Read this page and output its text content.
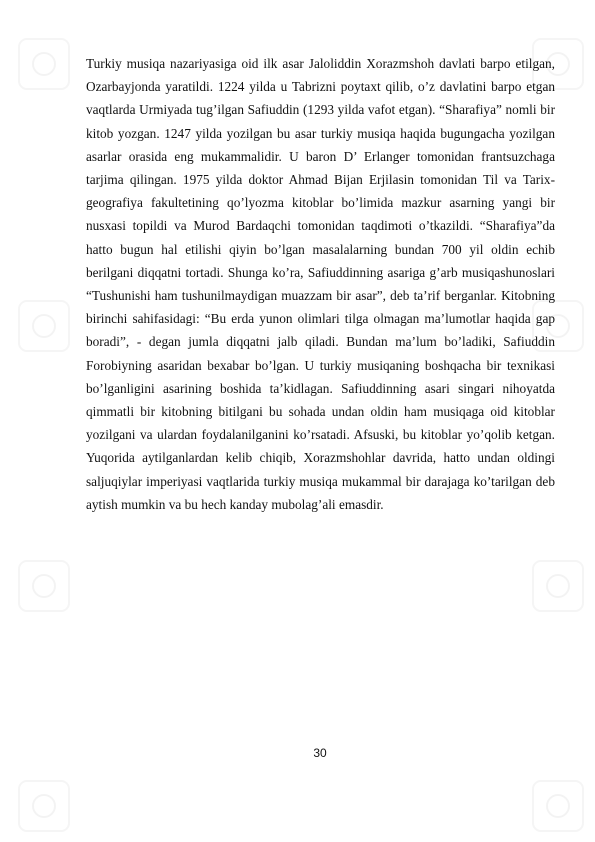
Turkiy musiqa nazariyasiga oid ilk asar Jaloliddin Xorazmshoh davlati barpo etilgan, Ozarbayjonda yaratildi. 1224 yilda u Tabrizni poytaxt qilib, o’z davlatini barpo etgan vaqtlarda Urmiyada tug’ilgan Safiuddin (1293 yilda vafot etgan). “Sharafiya” nomli bir kitob yozgan. 1247 yilda yozilgan bu asar turkiy musiqa haqida bugungacha yozilgan asarlar orasida eng mukammalidir. U baron D’ Erlanger tomonidan frantsuzchaga tarjima qilingan. 1975 yilda doktor Ahmad Bijan Erjilasin tomonidan Til va Tarix-geografiya fakultetining qo’lyozma kitoblar bo’limida mazkur asarning yangi bir nusxasi topildi va Murod Bardaqchi tomonidan taqdimoti o’tkazildi. “Sharafiya”da hatto bugun hal etilishi qiyin bo’lgan masalalarning bundan 700 yil oldin echib berilgani diqqatni tortadi. Shunga ko’ra, Safiuddinning asariga g’arb musiqashunoslari “Tushunishi ham tushunilmaydigan muazzam bir asar”, deb ta’rif berganlar. Kitobning birinchi sahifasidagi: “Bu erda yunon olimlari tilga olmagan ma’lumotlar haqida gap boradi”, - degan jumla diqqatni jalb qiladi. Bundan ma’lum bo’ladiki, Safiuddin Forobiyning asaridan bexabar bo’lgan. U turkiy musiqaning boshqacha bir texnikasi bo’lganligini asarining boshida ta’kidlagan. Safiuddinning asari singari nihoyatda qimmatli bir kitobning bitilgani bu sohada undan oldin ham musiqaga oid kitoblar yozilgani va ulardan foydalanilganini ko’rsatadi. Afsuski, bu kitoblar yo’qolib ketgan. Yuqorida aytilganlardan kelib chiqib, Xorazmshohlar davrida, hatto undan oldingi saljuqiylar imperiyasi vaqtlarida turkiy musiqa mukammal bir darajaga ko’tarilgan deb aytish mumkin va bu hech kanday mubolag’ali emasdir.

30
